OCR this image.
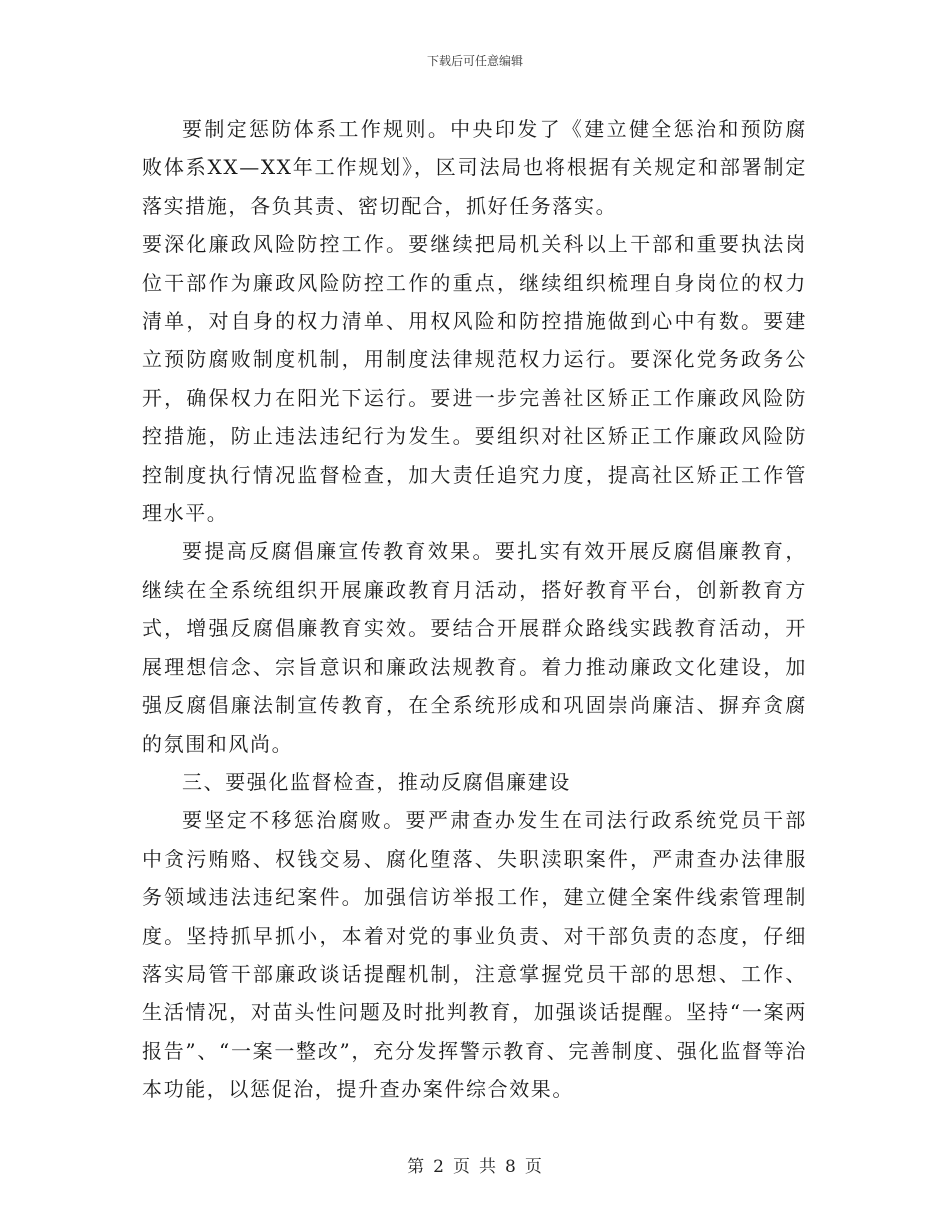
下载后可任意编辑

要制定惩防体系工作规则。中央印发了《建立健全惩治和预防腐败体系XX—XX年工作规划》，区司法局也将根据有关规定和部署制定落实措施，各负其责、密切配合，抓好任务落实。

要深化廉政风险防控工作。要继续把局机关科以上干部和重要执法岗位干部作为廉政风险防控工作的重点，继续组织梳理自身岗位的权力清单，对自身的权力清单、用权风险和防控措施做到心中有数。要建立预防腐败制度机制，用制度法律规范权力运行。要深化党务政务公开，确保权力在阳光下运行。要进一步完善社区矫正工作廉政风险防控措施，防止违法违纪行为发生。要组织对社区矫正工作廉政风险防控制度执行情况监督检查，加大责任追究力度，提高社区矫正工作管理水平。

要提高反腐倡廉宣传教育效果。要扎实有效开展反腐倡廉教育，继续在全系统组织开展廉政教育月活动，搭好教育平台，创新教育方式，增强反腐倡廉教育实效。要结合开展群众路线实践教育活动，开展理想信念、宗旨意识和廉政法规教育。着力推动廉政文化建设，加强反腐倡廉法制宣传教育，在全系统形成和巩固崇尚廉洁、摒弃贪腐的氛围和风尚。

三、要强化监督检查，推动反腐倡廉建设

要坚定不移惩治腐败。要严肃查办发生在司法行政系统党员干部中贪污贿赂、权钱交易、腐化堕落、失职渎职案件，严肃查办法律服务领域违法违纪案件。加强信访举报工作，建立健全案件线索管理制度。坚持抓早抓小，本着对党的事业负责、对干部负责的态度，仔细落实局管干部廉政谈话提醒机制，注意掌握党员干部的思想、工作、生活情况，对苗头性问题及时批判教育，加强谈话提醒。坚持“一案两报告”、“一案一整改”，充分发挥警示教育、完善制度、强化监督等治本功能，以惩促治，提升查办案件综合效果。

第 2 页 共 8 页
